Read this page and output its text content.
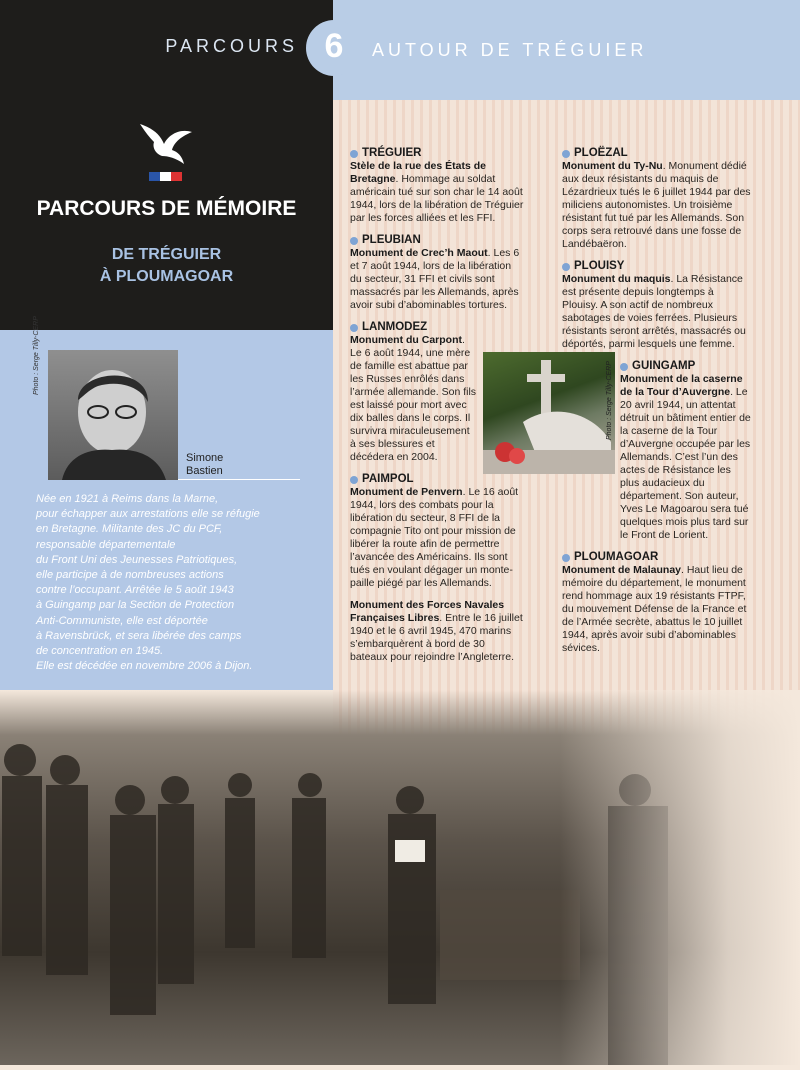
PARCOURS 6	AUTOUR DE TRÉGUIER
PARCOURS DE MÉMOIRE
DE TRÉGUIER
À PLOUMAGOAR
Photo : Serge Tilly-CERP
Simone
Bastien
Née en 1921 à Reims dans la Marne,
pour échapper aux arrestations elle se réfugie
en Bretagne. Militante des JC du PCF,
responsable départementale
du Front Uni des Jeunesses Patriotiques,
elle participe à de nombreuses actions
contre l’occupant. Arrêtée le 5 août 1943
à Guingamp par la Section de Protection
Anti-Communiste, elle est déportée
à Ravensbrück, et sera libérée des camps
de concentration en 1945.
Elle est décédée en novembre 2006 à Dijon.
TRÉGUIER
Stèle de la rue des États de Bretagne. Hommage au soldat américain tué sur son char le 14 août 1944, lors de la libération de Tréguier par les forces alliées et les FFI.
PLEUBIAN
Monument de Crec’h Maout. Les 6 et 7 août 1944, lors de la libération du secteur, 31 FFI et civils sont massacrés par les Allemands, après avoir subi d’abominables tortures.
LANMODEZ
Monument du Carpont. Le 6 août 1944, une mère de famille est abattue par les Russes enrôlés dans l’armée allemande. Son fils est laissé pour mort avec dix balles dans le corps. Il survivra miraculeusement à ses blessures et décédera en 2004.
PAIMPOL
Monument de Penvern. Le 16 août 1944, lors des combats pour la libération du secteur, 8 FFI de la compagnie Tito ont pour mission de libérer la route afin de permettre l’avancée des Américains. Ils sont tués en voulant dégager un monte-paille piégé par les Allemands.
Monument des Forces Navales Françaises Libres. Entre le 16 juillet 1940 et le 6 avril 1945, 470 marins s’embarquèrent à bord de 30 bateaux pour rejoindre l’Angleterre.
PLOËZAL
Monument du Ty-Nu. Monument dédié aux deux résistants du maquis de Lézardrieux tués le 6 juillet 1944 par des miliciens autonomistes. Un troisième résistant fut tué par les Allemands. Son corps sera retrouvé dans une fosse de Landébaëron.
PLOUISY
Monument du maquis. La Résistance est présente depuis longtemps à Plouisy. A son actif de nombreux sabotages de voies ferrées. Plusieurs résistants seront arrêtés, massacrés ou déportés, parmi lesquels une femme.
GUINGAMP
Monument de la caserne de la Tour d’Auvergne. Le 20 avril 1944, un attentat détruit un bâtiment entier de la caserne de la Tour d’Auvergne occupée par les Allemands. C’est l’un des actes de Résistance les plus audacieux du département. Son auteur, Yves Le Magoarou sera tué quelques mois plus tard sur le Front de Lorient.
PLOUMAGOAR
Monument de Malaunay. Haut lieu de mémoire du département, le monument rend hommage aux 19 résistants FTPF, du mouvement Défense de la France et de l’Armée secrète, abattus le 10 juillet 1944, après avoir subi d’abominables sévices.
Photo : Serge Tilly-CERP
